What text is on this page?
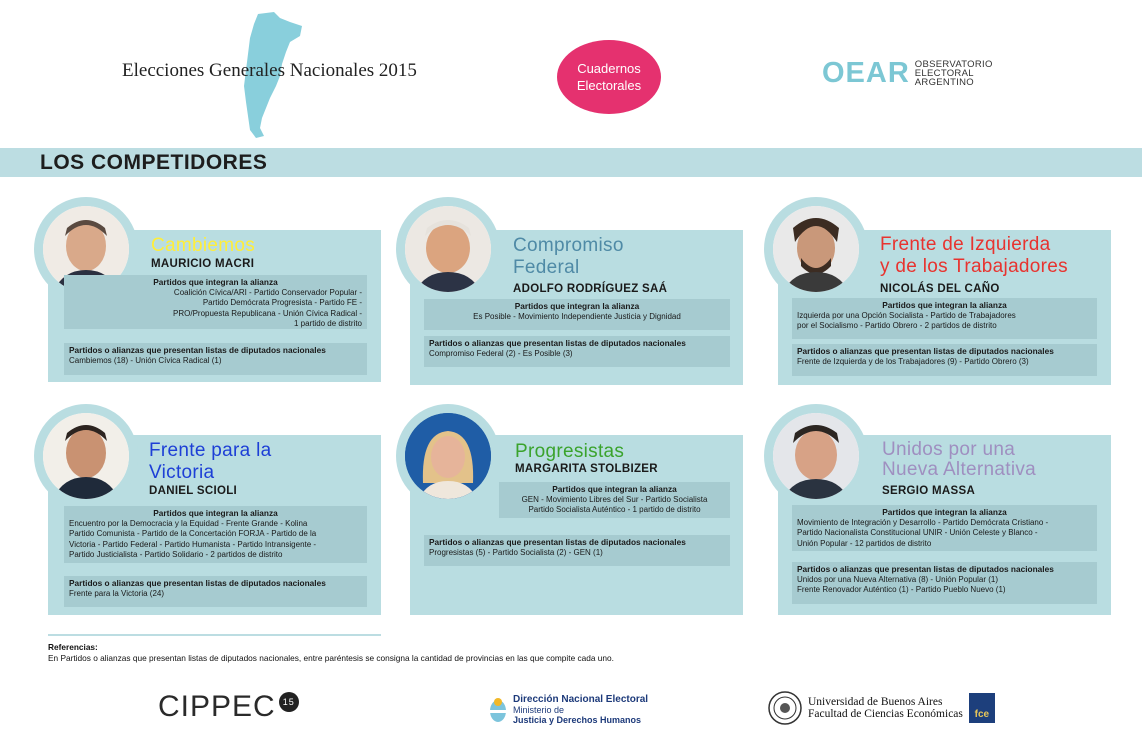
Elecciones Generales Nacionales 2015	Cuadernos
Electorales	OEAR OBSERVATORIO
ELECTORAL
ARGENTINO
LOS COMPETIDORES
Cambiemos
MAURICIO MACRI
Partidos que integran la alianza
Coalición Cívica/ARI - Partido Conservador Popular -
Partido Demócrata Progresista - Partido FE -
PRO/Propuesta Republicana - Unión Cívica Radical -
1 partido de distrito
Partidos o alianzas que presentan listas de diputados nacionales
Cambiemos (18) - Unión Cívica Radical (1)
Compromiso
Federal
ADOLFO RODRÍGUEZ SAÁ
Partidos que integran la alianza
Es Posible - Movimiento Independiente Justicia y Dignidad
Partidos o alianzas que presentan listas de diputados nacionales
Compromiso Federal (2) - Es Posible (3)
Frente de Izquierda
y de los Trabajadores
NICOLÁS DEL CAÑO
Partidos que integran la alianza
Izquierda por una Opción Socialista - Partido de Trabajadores
por el Socialismo - Partido Obrero - 2 partidos de distrito
Partidos o alianzas que presentan listas de diputados nacionales
Frente de Izquierda y de los Trabajadores (9) - Partido Obrero (3)
Frente para la
Victoria
DANIEL SCIOLI
Partidos que integran la alianza
Encuentro por la Democracia y la Equidad - Frente Grande - Kolina
Partido Comunista - Partido de la Concertación FORJA - Partido de la
Victoria - Partido Federal - Partido Humanista - Partido Intransigente -
Partido Justicialista - Partido Solidario - 2 partidos de distrito
Partidos o alianzas que presentan listas de diputados nacionales
Frente para la Victoria (24)
Progresistas
MARGARITA STOLBIZER
Partidos que integran la alianza
GEN - Movimiento Libres del Sur - Partido Socialista
Partido Socialista Auténtico - 1 partido de distrito
Partidos o alianzas que presentan listas de diputados nacionales
Progresistas (5) - Partido Socialista (2) - GEN (1)
Unidos por una
Nueva Alternativa
SERGIO MASSA
Partidos que integran la alianza
Movimiento de Integración y Desarrollo - Partido Demócrata Cristiano -
Partido Nacionalista Constitucional UNIR - Unión Celeste y Blanco -
Unión Popular - 12 partidos de distrito
Partidos o alianzas que presentan listas de diputados nacionales
Unidos por una Nueva Alternativa (8) - Unión Popular (1)
Frente Renovador Auténtico (1) - Partido Pueblo Nuevo (1)
Referencias:
En Partidos o alianzas que presentan listas de diputados nacionales, entre paréntesis se consigna la cantidad de provincias en las que compite cada uno.
CIPPEC 15	Dirección Nacional Electoral
Ministerio de
Justicia y Derechos Humanos
Universidad de Buenos Aires
Facultad de Ciencias Económicas	fce
